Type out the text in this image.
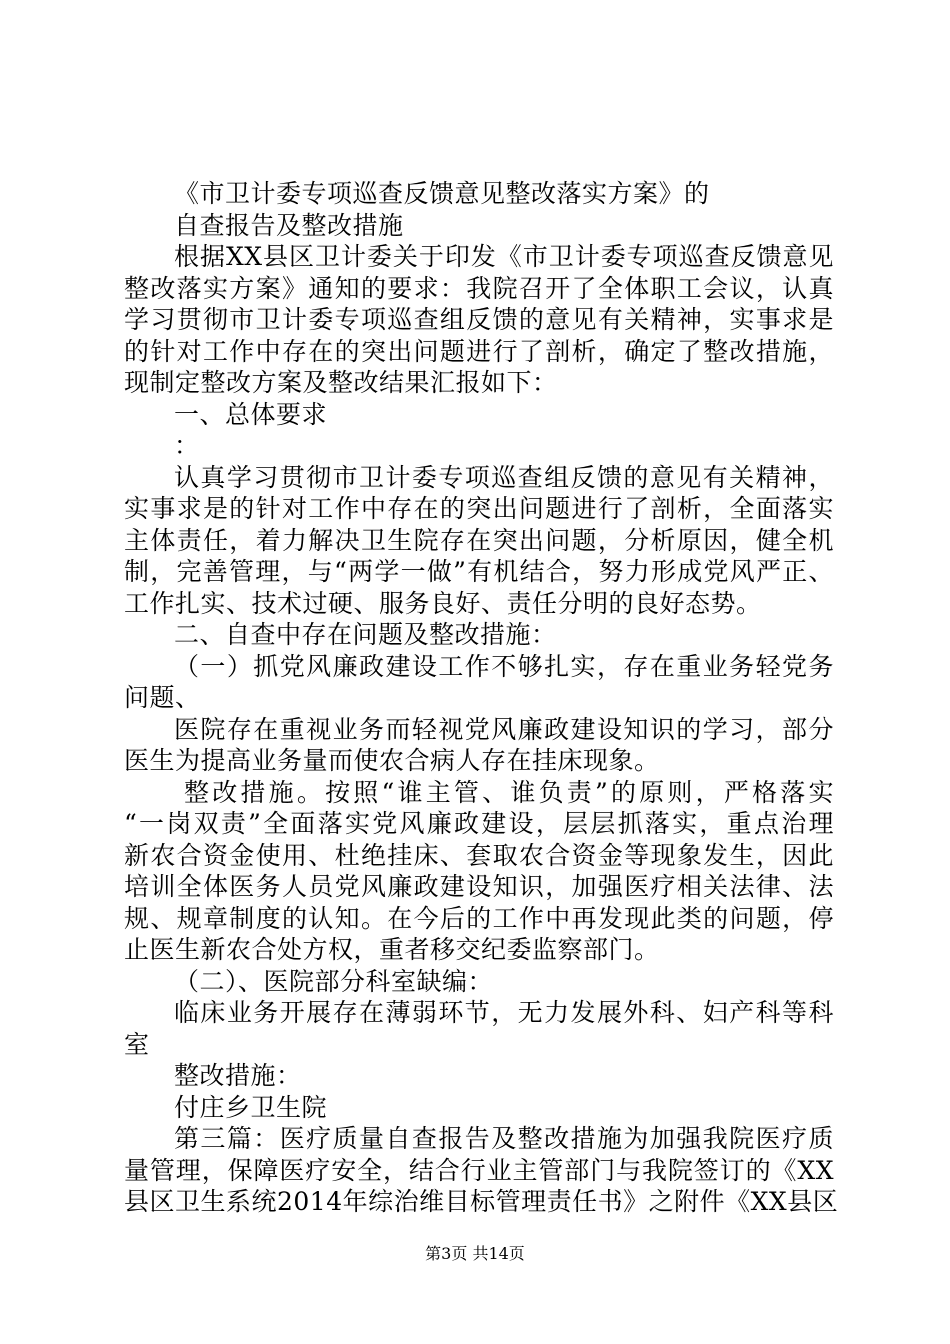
《市卫计委专项巡查反馈意见整改落实方案》的
自查报告及整改措施
根据XX县区卫计委关于印发《市卫计委专项巡查反馈意见
整改落实方案》通知的要求：我院召开了全体职工会议，认真
学习贯彻市卫计委专项巡查组反馈的意见有关精神，实事求是
的针对工作中存在的突出问题进行了剖析，确定了整改措施，
现制定整改方案及整改结果汇报如下：
一、总体要求
：
认真学习贯彻市卫计委专项巡查组反馈的意见有关精神，
实事求是的针对工作中存在的突出问题进行了剖析，全面落实
主体责任，着力解决卫生院存在突出问题，分析原因，健全机
制，完善管理，与“两学一做”有机结合，努力形成党风严正、
工作扎实、技术过硬、服务良好、责任分明的良好态势。
二、自查中存在问题及整改措施：
（一）抓党风廉政建设工作不够扎实，存在重业务轻党务
问题、
医院存在重视业务而轻视党风廉政建设知识的学习，部分
医生为提高业务量而使农合病人存在挂床现象。
整改措施。按照“谁主管、谁负责”的原则，严格落实
“一岗双责”全面落实党风廉政建设，层层抓落实，重点治理
新农合资金使用、杜绝挂床、套取农合资金等现象发生，因此
培训全体医务人员党风廉政建设知识，加强医疗相关法律、法
规、规章制度的认知。在今后的工作中再发现此类的问题，停
止医生新农合处方权，重者移交纪委监察部门。
（二）、医院部分科室缺编：
临床业务开展存在薄弱环节，无力发展外科、妇产科等科
室
整改措施：
付庄乡卫生院
第三篇：医疗质量自查报告及整改措施为加强我院医疗质
量管理，保障医疗安全，结合行业主管部门与我院签订的《XX
县区卫生系统2014年综治维目标管理责任书》之附件《XX县区
第3页 共14页
